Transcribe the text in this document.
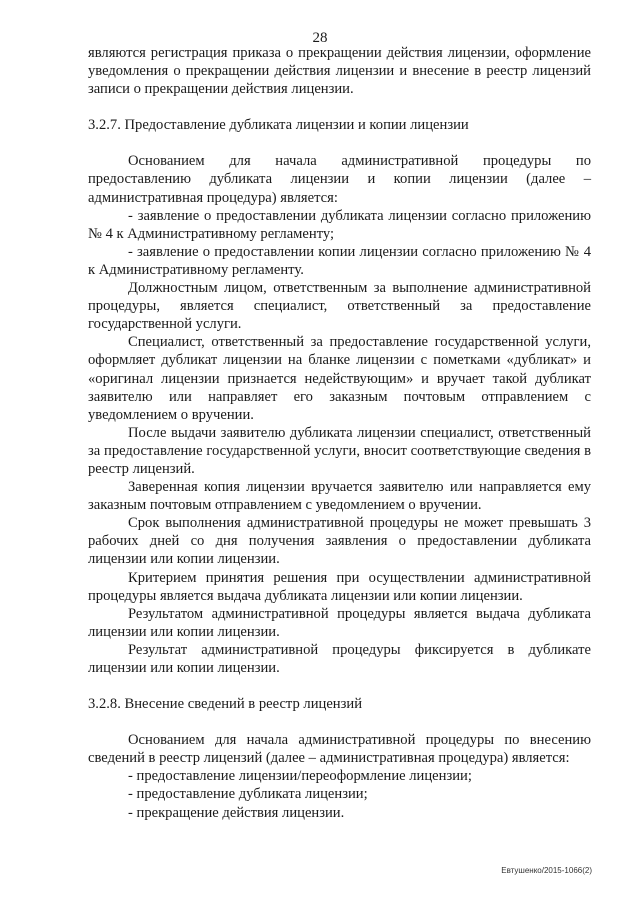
28

являются регистрация приказа о прекращении действия лицензии, оформление уведомления о прекращении действия лицензии и внесение в реестр лицензий записи о прекращении действия лицензии.

3.2.7. Предоставление дубликата лицензии и копии лицензии

Основанием для начала административной процедуры по предоставлению дубликата лицензии и копии лицензии (далее – административная процедура) является:

- заявление о предоставлении дубликата лицензии согласно приложению № 4 к Административному регламенту;

- заявление о предоставлении копии лицензии согласно приложению № 4 к Административному регламенту.

Должностным лицом, ответственным за выполнение административной процедуры, является специалист, ответственный за предоставление государственной услуги.

Специалист, ответственный за предоставление государственной услуги, оформляет дубликат лицензии на бланке лицензии с пометками «дубликат» и «оригинал лицензии признается недействующим» и вручает такой дубликат заявителю или направляет его заказным почтовым отправлением с уведомлением о вручении.

После выдачи заявителю дубликата лицензии специалист, ответственный за предоставление государственной услуги, вносит соответствующие сведения в реестр лицензий.

Заверенная копия лицензии вручается заявителю или направляется ему заказным почтовым отправлением с уведомлением о вручении.

Срок выполнения административной процедуры не может превышать 3 рабочих дней со дня получения заявления о предоставлении дубликата лицензии или копии лицензии.

Критерием принятия решения при осуществлении административной процедуры является выдача дубликата лицензии или копии лицензии.

Результатом административной процедуры является выдача дубликата лицензии или копии лицензии.

Результат административной процедуры фиксируется в дубликате лицензии или копии лицензии.

3.2.8. Внесение сведений в реестр лицензий

Основанием для начала административной процедуры по внесению сведений в реестр лицензий (далее – административная процедура) является:

- предоставление лицензии/переоформление лицензии;

- предоставление дубликата лицензии;

- прекращение действия лицензии.

Евтушенко/2015-1066(2)
